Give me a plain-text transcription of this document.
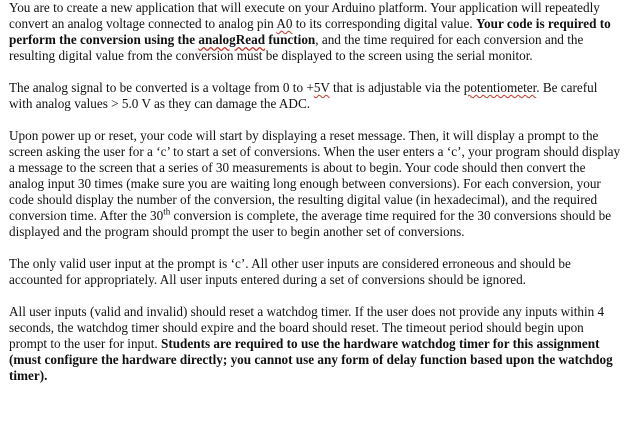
You are to create a new application that will execute on your Arduino platform. Your application will repeatedly convert an analog voltage connected to analog pin A0 to its corresponding digital value. Your code is required to perform the conversion using the analogRead function, and the time required for each conversion and the resulting digital value from the conversion must be displayed to the screen using the serial monitor.

The analog signal to be converted is a voltage from 0 to +5V that is adjustable via the potentiometer. Be careful with analog values > 5.0 V as they can damage the ADC.

Upon power up or reset, your code will start by displaying a reset message. Then, it will display a prompt to the screen asking the user for a ‘c’ to start a set of conversions. When the user enters a ‘c’, your program should display a message to the screen that a series of 30 measurements is about to begin. Your code should then convert the analog input 30 times (make sure you are waiting long enough between conversions). For each conversion, your code should display the number of the conversion, the resulting digital value (in hexadecimal), and the required conversion time. After the 30th conversion is complete, the average time required for the 30 conversions should be displayed and the program should prompt the user to begin another set of conversions.

The only valid user input at the prompt is ‘c’. All other user inputs are considered erroneous and should be accounted for appropriately. All user inputs entered during a set of conversions should be ignored.

All user inputs (valid and invalid) should reset a watchdog timer. If the user does not provide any inputs within 4 seconds, the watchdog timer should expire and the board should reset. The timeout period should begin upon prompt to the user for input. Students are required to use the hardware watchdog timer for this assignment (must configure the hardware directly; you cannot use any form of delay function based upon the watchdog timer).
